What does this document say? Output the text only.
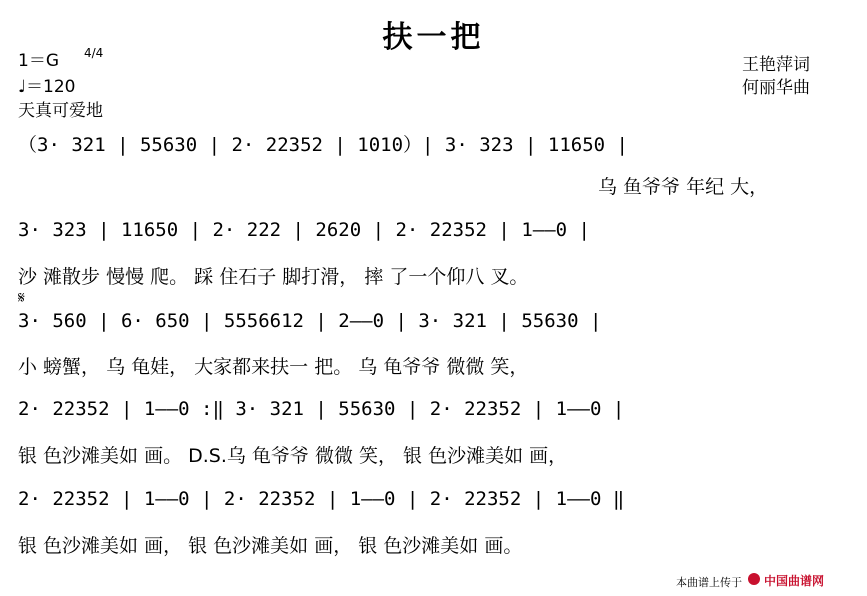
扶一把
1＝G 4/4
♩＝120
天真可爱地
王艳萍词
何丽华曲
（3· 321 | 55630 | 2· 22352 | 1010）| 3· 323 | 11650 |
乌 鱼爷爷 年纪 大，
3· 323 | 11650 | 2· 222 | 2620 | 2· 22352 | 1——0 |
沙 滩散步 慢慢 爬。 踩 住石子 脚打滑， 摔 了一个仰八 叉。
𝄋
3· 560 | 6· 650 | 5556612 | 2——0 | 3· 321 | 55630 |
小 螃蟹， 乌 龟娃， 大家都来扶一 把。 乌 龟爷爷 微微 笑，
2· 22352 | 1——0 :‖ 3· 321 | 55630 | 2· 22352 | 1——0 |
银 色沙滩美如 画。 D.S.乌 龟爷爷 微微 笑， 银 色沙滩美如 画，
2· 22352 | 1——0 | 2· 22352 | 1——0 | 2· 22352 | 1——0 ‖
银 色沙滩美如 画， 银 色沙滩美如 画， 银 色沙滩美如 画。
本曲谱上传于 中国曲谱网
